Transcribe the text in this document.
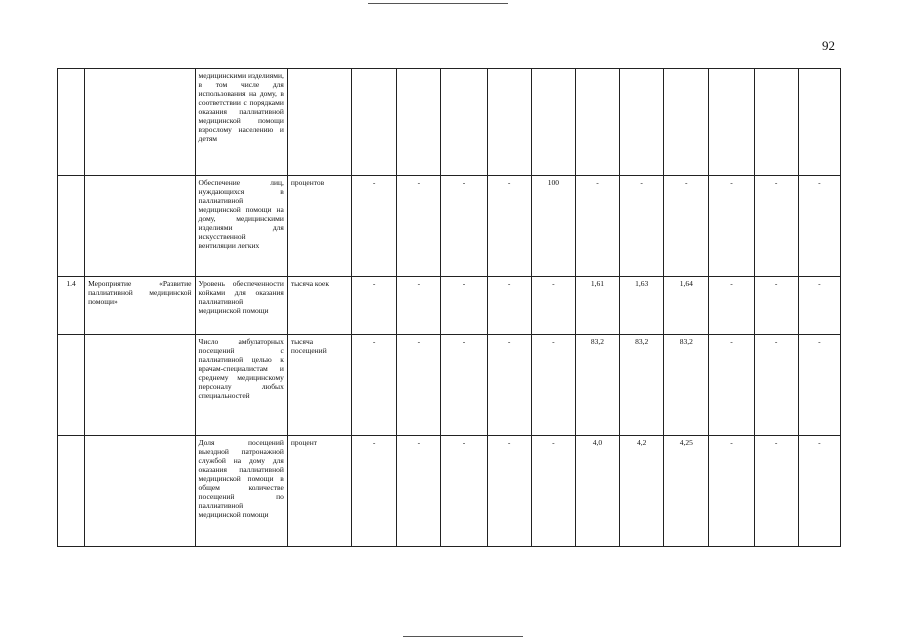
92
		медицинскими изделиями, в том числе для использования на дому, в соответствии с порядками оказания паллиативной медицинской помощи взрослому населению и детям												
		Обеспечение лиц, нуждающихся в паллиативной медицинской помощи на дому, медицинскими изделиями для искусственной вентиляции легких	процентов	-	-	-	-	100	-	-	-	-	-	-
1.4	Мероприятие «Развитие паллиативной медицинской помощи»	Уровень обеспеченности койками для оказания паллиативной медицинской помощи	тысяча коек	-	-	-	-	-	1,61	1,63	1,64	-	-	-
		Число амбулаторных посещений с паллиативной целью к врачам-специалистам и среднему медицинскому персоналу любых специальностей	тысяча посещений	-	-	-	-	-	83,2	83,2	83,2	-	-	-
		Доля посещений выездной патронажной службой на дому для оказания паллиативной медицинской помощи в общем количестве посещений по паллиативной медицинской помощи	процент	-	-	-	-	-	4,0	4,2	4,25	-	-	-
